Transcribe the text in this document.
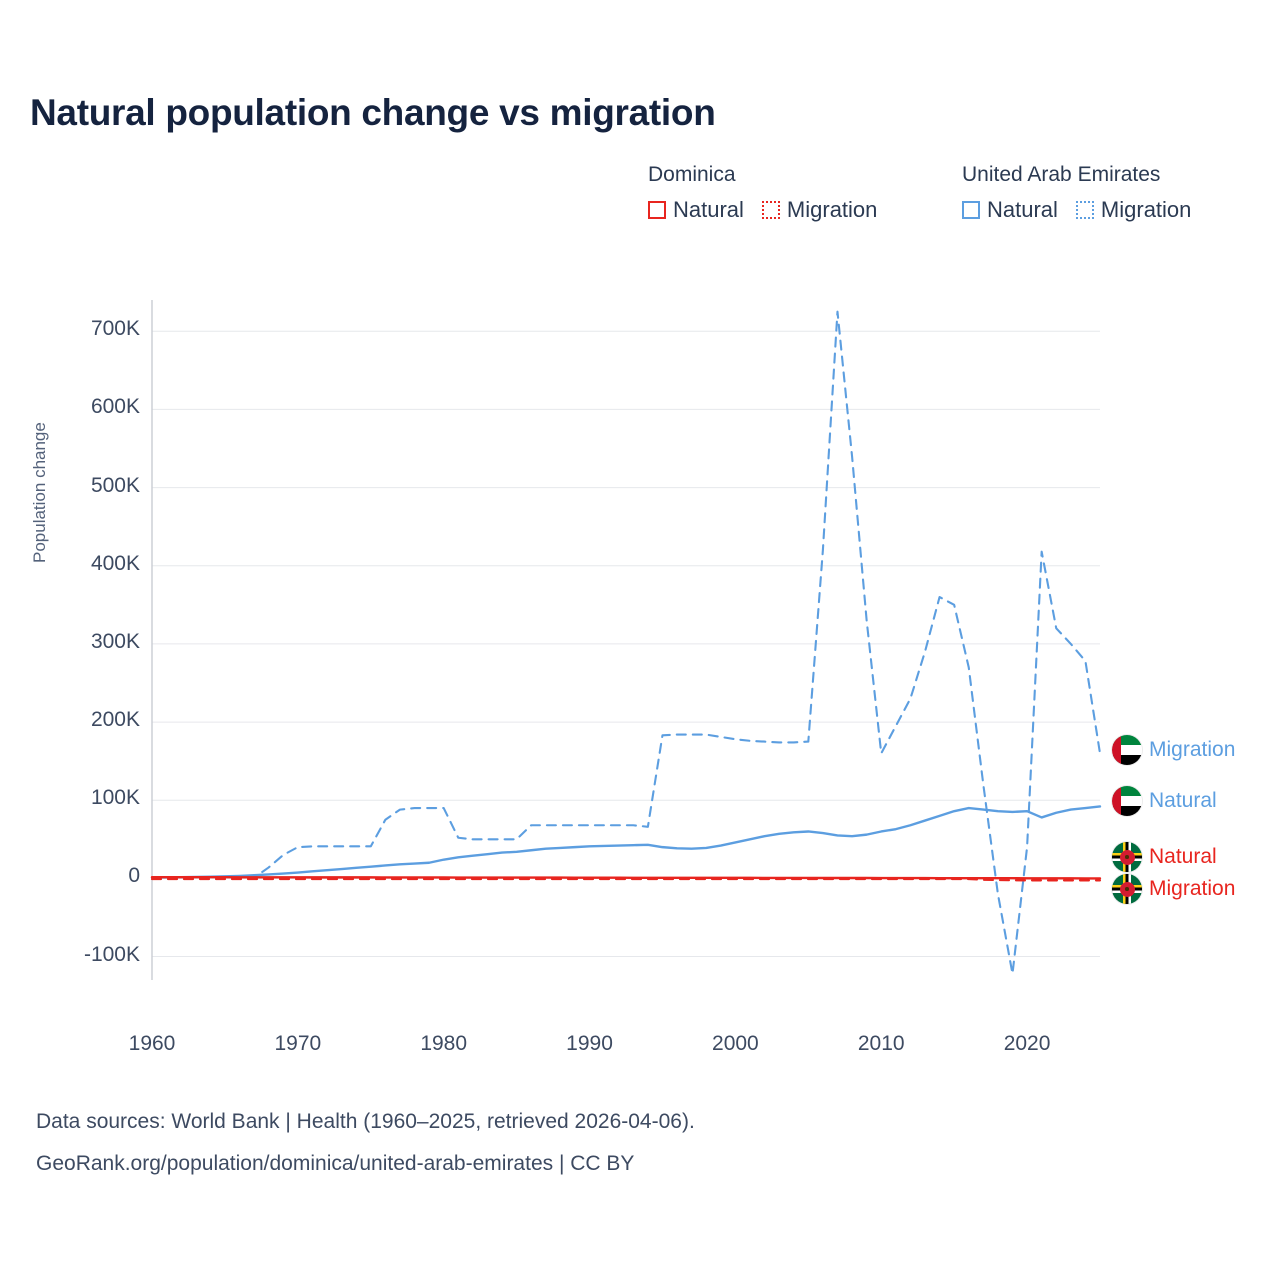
Natural population change vs migration
Dominica
Natural Migration
United Arab Emirates
Natural Migration
Population change
700K
600K
500K
400K
300K
200K
100K
0
-100K
1960	1970	1980	1990	2000	2010	2020
Migration
Natural
Natural
Migration
Data sources: World Bank | Health (1960–2025, retrieved 2026-04-06).
GeoRank.org/population/dominica/united-arab-emirates | CC BY
